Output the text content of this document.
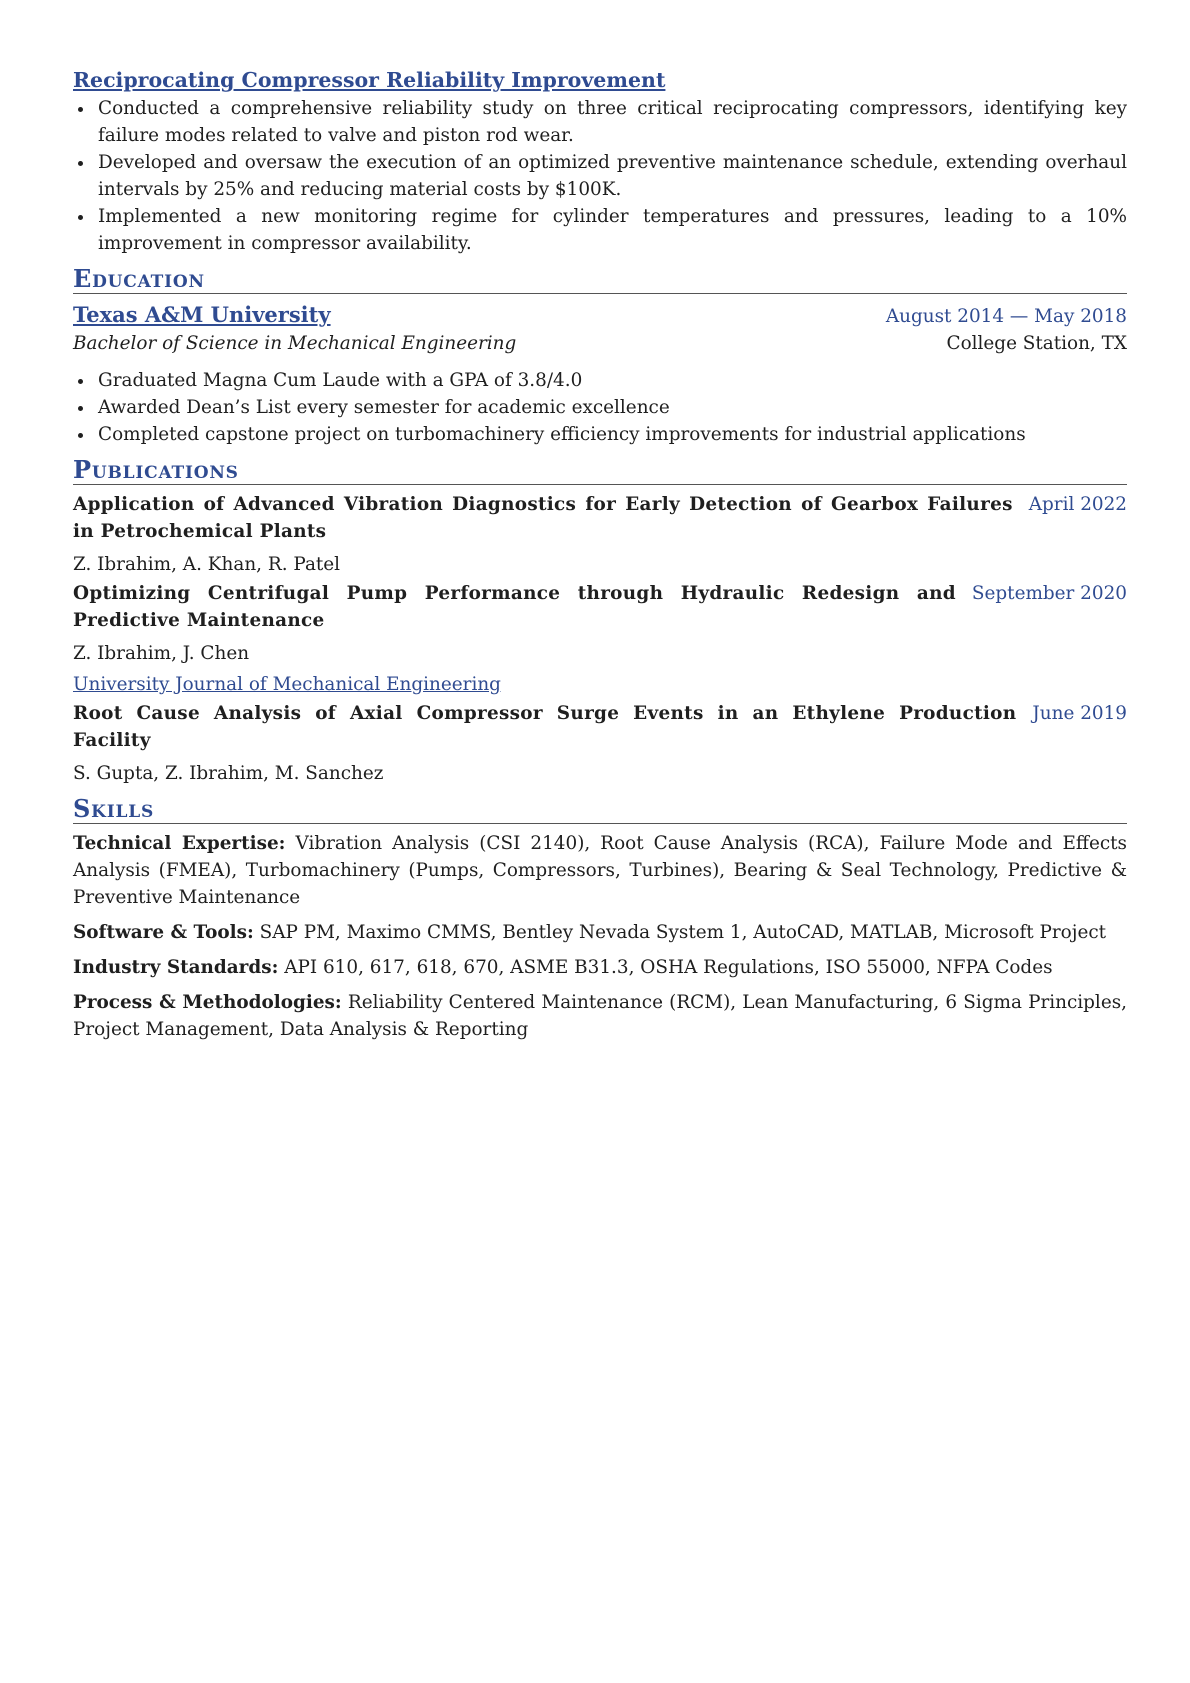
Reciprocating Compressor Reliability Improvement
Conducted a comprehensive reliability study on three critical reciprocating compressors, identifying key failure modes related to valve and piston rod wear.
Developed and oversaw the execution of an optimized preventive maintenance schedule, extending overhaul intervals by 25% and reducing material costs by $100K.
Implemented a new monitoring regime for cylinder temperatures and pressures, leading to a 10% improvement in compressor availability.
Education
Texas A&M University	August 2014 — May 2018
Bachelor of Science in Mechanical Engineering	College Station, TX
Graduated Magna Cum Laude with a GPA of 3.8/4.0
Awarded Dean’s List every semester for academic excellence
Completed capstone project on turbomachinery efficiency improvements for industrial applications
Publications
Application of Advanced Vibration Diagnostics for Early Detection of Gearbox Failures in Petrochemical Plants
April 2022
Z. Ibrahim, A. Khan, R. Patel
Optimizing Centrifugal Pump Performance through Hydraulic Redesign and Predictive Maintenance
September 2020
Z. Ibrahim, J. Chen
University Journal of Mechanical Engineering
Root Cause Analysis of Axial Compressor Surge Events in an Ethylene Production Facility
June 2019
S. Gupta, Z. Ibrahim, M. Sanchez
Skills
Technical Expertise: Vibration Analysis (CSI 2140), Root Cause Analysis (RCA), Failure Mode and Effects Analysis (FMEA), Turbomachinery (Pumps, Compressors, Turbines), Bearing & Seal Technology, Predictive & Preventive Maintenance
Software & Tools: SAP PM, Maximo CMMS, Bentley Nevada System 1, AutoCAD, MATLAB, Microsoft Project
Industry Standards: API 610, 617, 618, 670, ASME B31.3, OSHA Regulations, ISO 55000, NFPA Codes
Process & Methodologies: Reliability Centered Maintenance (RCM), Lean Manufacturing, 6 Sigma Principles, Project Management, Data Analysis & Reporting
